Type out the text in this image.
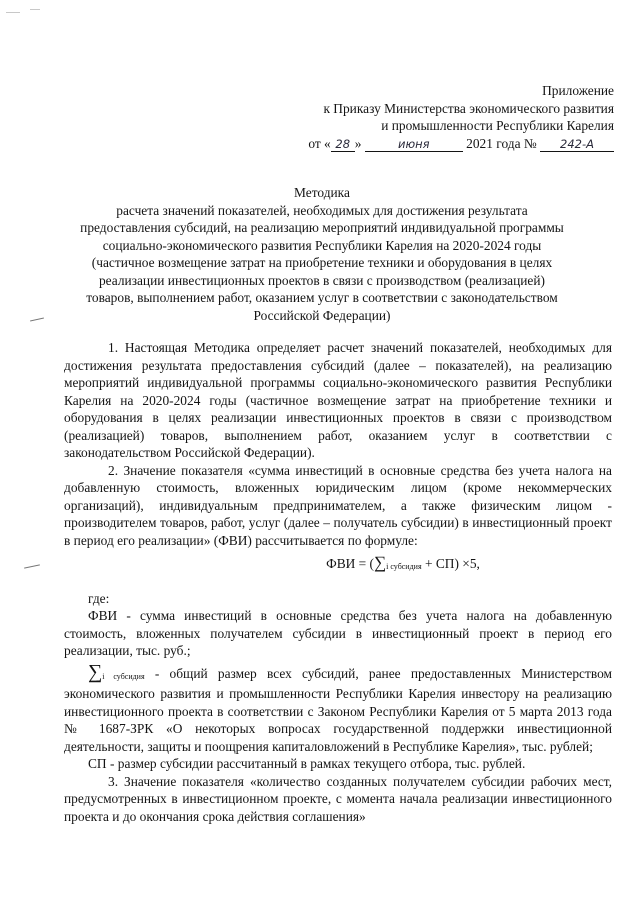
Приложение
к Приказу Министерства экономического развития
и промышленности Республики Карелия
от « 28 »	июня	2021 года № 242-А
Методика
расчета значений показателей, необходимых для достижения результата
предоставления субсидий, на реализацию мероприятий индивидуальной программы
социально-экономического развития Республики Карелия на 2020-2024 годы
(частичное возмещение затрат на приобретение техники и оборудования в целях
реализации инвестиционных проектов в связи с производством (реализацией)
товаров, выполнением работ, оказанием услуг в соответствии с законодательством
Российской Федерации)
1. Настоящая Методика определяет расчет значений показателей, необходимых для достижения результата предоставления субсидий (далее – показателей), на реализацию мероприятий индивидуальной программы социально-экономического развития Республики Карелия на 2020-2024 годы (частичное возмещение затрат на приобретение техники и оборудования в целях реализации инвестиционных проектов в связи с производством (реализацией) товаров, выполнением работ, оказанием услуг в соответствии с законодательством Российской Федерации).
2. Значение показателя «сумма инвестиций в основные средства без учета налога на добавленную стоимость, вложенных юридическим лицом (кроме некоммерческих организаций), индивидуальным предпринимателем, а также физическим лицом - производителем товаров, работ, услуг (далее – получатель субсидии) в инвестиционный проект в период его реализации» (ФВИ) рассчитывается по формуле:
ФВИ = (∑i субсидия + СП) ×5,
где:
ФВИ - сумма инвестиций в основные средства без учета налога на добавленную стоимость, вложенных получателем субсидии в инвестиционный проект в период его реализации, тыс. руб.;
∑i субсидия - общий размер всех субсидий, ранее предоставленных Министерством экономического развития и промышленности Республики Карелия инвестору на реализацию инвестиционного проекта в соответствии с Законом Республики Карелия от 5 марта 2013 года № 1687-ЗРК «О некоторых вопросах государственной поддержки инвестиционной деятельности, защиты и поощрения капиталовложений в Республике Карелия», тыс. рублей;
СП - размер субсидии рассчитанный в рамках текущего отбора, тыс. рублей.
3. Значение показателя «количество созданных получателем субсидии рабочих мест, предусмотренных в инвестиционном проекте, с момента начала реализации инвестиционного проекта и до окончания срока действия соглашения»
